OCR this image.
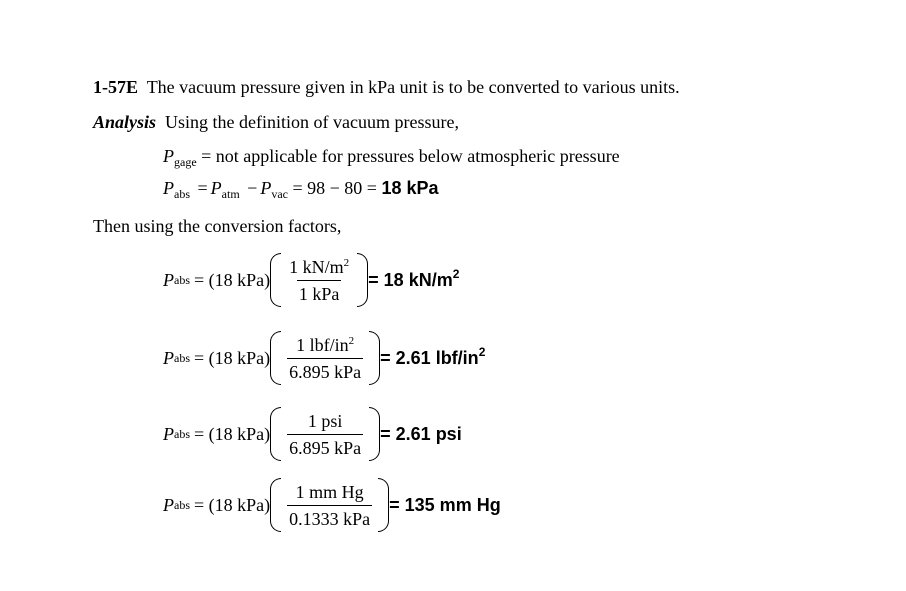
1-57E The vacuum pressure given in kPa unit is to be converted to various units.
Analysis Using the definition of vacuum pressure,
$P_{gage}$ = not applicable for pressures below atmospheric pressure
$P_{abs} = P_{atm} - P_{vac} = 98 - 80 = 18$ kPa
Then using the conversion factors,
P abs = (18 $kPa) \frac{1 kN/m^2}{\text{1 kPa}} = 18$ $kN/m^2$
P abs = (18 $kPa) \frac{1 lbf/in^2}{\text{6.895 kPa}} = 2.61$ lbf/$in^2$
P abs = (18 $kPa) \frac{\text{1 psi}}{\text{6.895 kPa}} = 2.61$ psi
P abs = (18 $kPa) \frac{\text{1 mm Hg}}{\text{0.1333 kPa}} = 135$ mm Hg
